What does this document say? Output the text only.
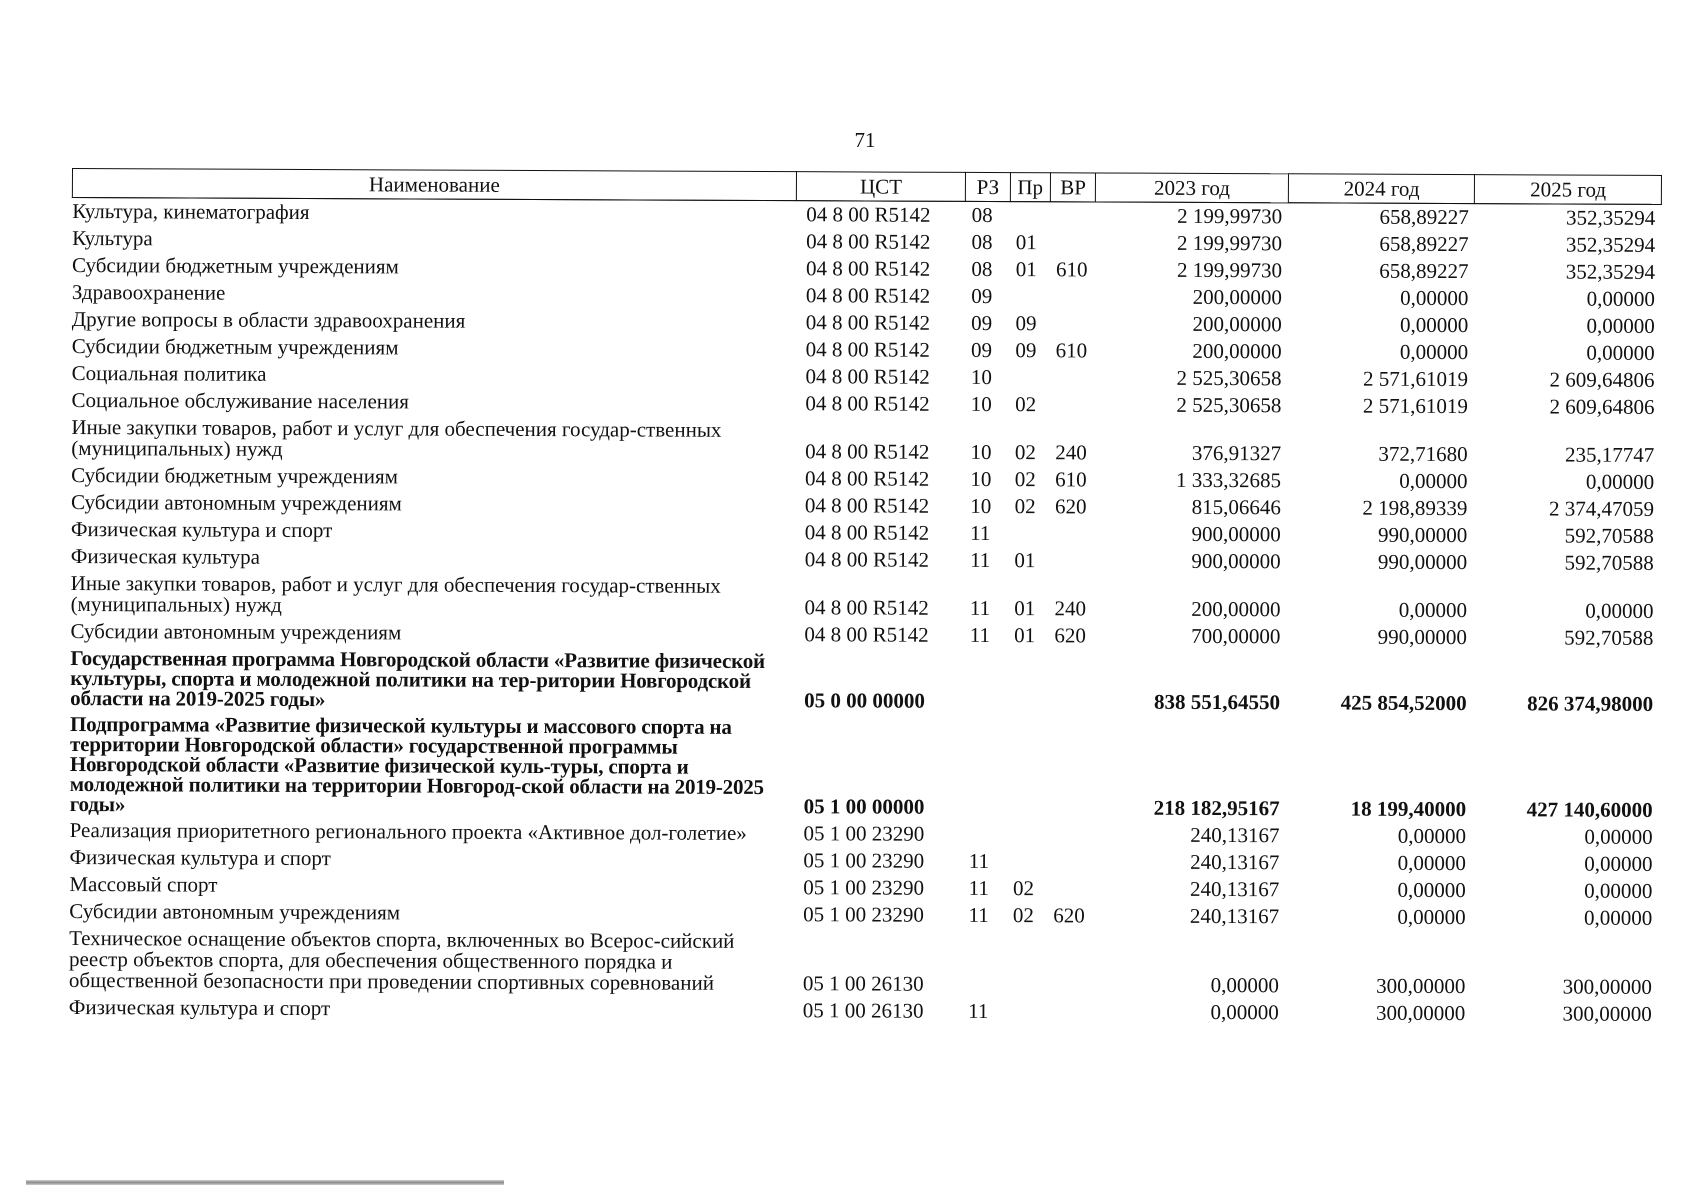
71
Наименование	ЦСТ	РЗ	Пр	ВР	2023 год	2024 год	2025 год
Культура, кинематография	04 8 00 R5142	08			2 199,99730	658,89227	352,35294
Культура	04 8 00 R5142	08	01		2 199,99730	658,89227	352,35294
Субсидии бюджетным учреждениям	04 8 00 R5142	08	01	610	2 199,99730	658,89227	352,35294
Здравоохранение	04 8 00 R5142	09			200,00000	0,00000	0,00000
Другие вопросы в области здравоохранения	04 8 00 R5142	09	09		200,00000	0,00000	0,00000
Субсидии бюджетным учреждениям	04 8 00 R5142	09	09	610	200,00000	0,00000	0,00000
Социальная политика	04 8 00 R5142	10			2 525,30658	2 571,61019	2 609,64806
Социальное обслуживание населения	04 8 00 R5142	10	02		2 525,30658	2 571,61019	2 609,64806
Иные закупки товаров, работ и услуг для обеспечения государ-ственных (муниципальных) нужд	04 8 00 R5142	10	02	240	376,91327	372,71680	235,17747
Субсидии бюджетным учреждениям	04 8 00 R5142	10	02	610	1 333,32685	0,00000	0,00000
Субсидии автономным учреждениям	04 8 00 R5142	10	02	620	815,06646	2 198,89339	2 374,47059
Физическая культура и спорт	04 8 00 R5142	11			900,00000	990,00000	592,70588
Физическая культура	04 8 00 R5142	11	01		900,00000	990,00000	592,70588
Иные закупки товаров, работ и услуг для обеспечения государ-ственных (муниципальных) нужд	04 8 00 R5142	11	01	240	200,00000	0,00000	0,00000
Субсидии автономным учреждениям	04 8 00 R5142	11	01	620	700,00000	990,00000	592,70588
Государственная программа Новгородской области «Развитие физической культуры, спорта и молодежной политики на тер-ритории Новгородской области на 2019-2025 годы»	05 0 00 00000				838 551,64550	425 854,52000	826 374,98000
Подпрограмма «Развитие физической культуры и массового спорта на территории Новгородской области» государственной программы Новгородской области «Развитие физической куль-туры, спорта и молодежной политики на территории Новгород-ской области на 2019-2025 годы»	05 1 00 00000				218 182,95167	18 199,40000	427 140,60000
Реализация приоритетного регионального проекта «Активное дол-голетие»	05 1 00 23290				240,13167	0,00000	0,00000
Физическая культура и спорт	05 1 00 23290	11			240,13167	0,00000	0,00000
Массовый спорт	05 1 00 23290	11	02		240,13167	0,00000	0,00000
Субсидии автономным учреждениям	05 1 00 23290	11	02	620	240,13167	0,00000	0,00000
Техническое оснащение объектов спорта, включенных во Всерос-сийский реестр объектов спорта, для обеспечения общественного порядка и общественной безопасности при проведении спортивных соревнований	05 1 00 26130				0,00000	300,00000	300,00000
Физическая культура и спорт	05 1 00 26130	11			0,00000	300,00000	300,00000
